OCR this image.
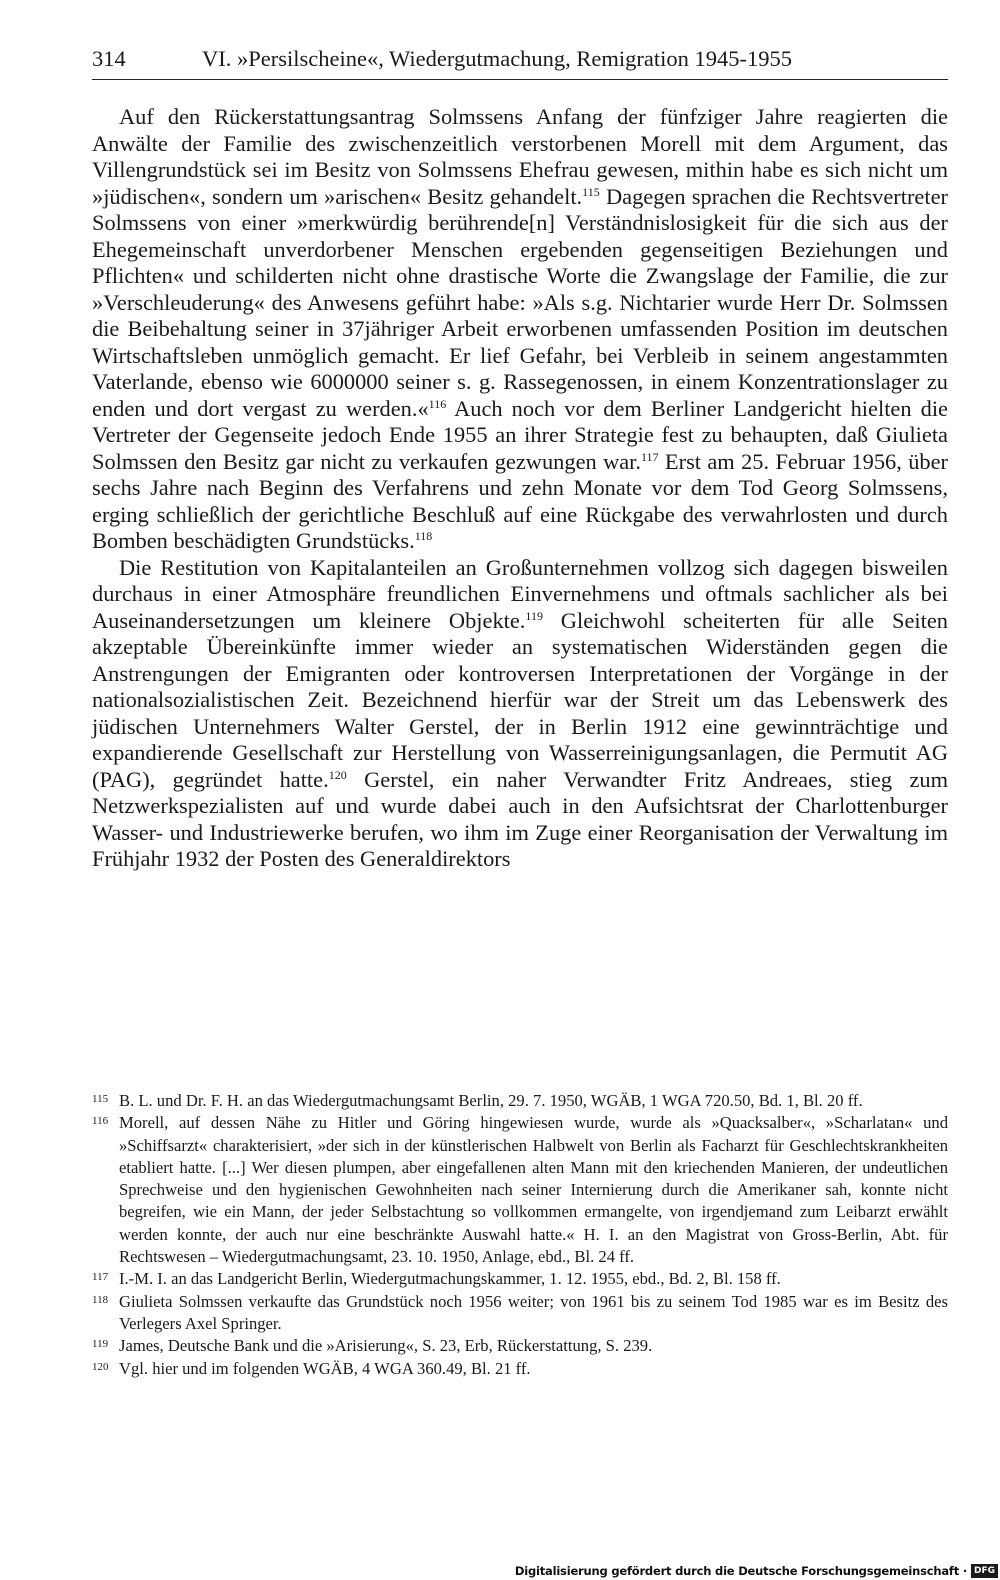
314	VI. »Persilscheine«, Wiedergutmachung, Remigration 1945-1955

Auf den Rückerstattungsantrag Solmssens Anfang der fünfziger Jahre reagierten die Anwälte der Familie des zwischenzeitlich verstorbenen Morell mit dem Argument, das Villengrundstück sei im Besitz von Solmssens Ehefrau gewesen, mithin habe es sich nicht um »jüdischen«, sondern um »arischen« Besitz gehandelt.$^{115}$ Dagegen sprachen die Rechtsvertreter Solmssens von einer »merkwürdig berührende[n] Verständnislosigkeit für die sich aus der Ehegemeinschaft unverdorbener Menschen ergebenden gegenseitigen Beziehungen und Pflichten« und schilderten nicht ohne drastische Worte die Zwangslage der Familie, die zur »Verschleuderung« des Anwesens geführt habe: »Als s.g. Nichtarier wurde Herr Dr. Solmssen die Beibehaltung seiner in 37jähriger Arbeit erworbenen umfassenden Position im deutschen Wirtschaftsleben unmöglich gemacht. Er lief Gefahr, bei Verbleib in seinem angestammten Vaterlande, ebenso wie 6000000 seiner s. g. Rassegenossen, in einem Konzentrationslager zu enden und dort vergast zu werden.«$^{116}$ Auch noch vor dem Berliner Landgericht hielten die Vertreter der Gegenseite jedoch Ende 1955 an ihrer Strategie fest zu behaupten, daß Giulieta Solmssen den Besitz gar nicht zu verkaufen gezwungen war.$^{117}$ Erst am 25. Februar 1956, über sechs Jahre nach Beginn des Verfahrens und zehn Monate vor dem Tod Georg Solmssens, erging schließlich der gerichtliche Beschluß auf eine Rückgabe des verwahrlosten und durch Bomben beschädigten Grundstücks.$^{118}$

Die Restitution von Kapitalanteilen an Großunternehmen vollzog sich dagegen bisweilen durchaus in einer Atmosphäre freundlichen Einvernehmens und oftmals sachlicher als bei Auseinandersetzungen um kleinere Objekte.$^{119}$ Gleichwohl scheiterten für alle Seiten akzeptable Übereinkünfte immer wieder an systematischen Widerständen gegen die Anstrengungen der Emigranten oder kontroversen Interpretationen der Vorgänge in der nationalsozialistischen Zeit. Bezeichnend hierfür war der Streit um das Lebenswerk des jüdischen Unternehmers Walter Gerstel, der in Berlin 1912 eine gewinnträchtige und expandierende Gesellschaft zur Herstellung von Wasserreinigungsanlagen, die Permutit AG (PAG), gegründet hatte.$^{120}$ Gerstel, ein naher Verwandter Fritz Andreaes, stieg zum Netzwerkspezialisten auf und wurde dabei auch in den Aufsichtsrat der Charlottenburger Wasser- und Industriewerke berufen, wo ihm im Zuge einer Reorganisation der Verwaltung im Frühjahr 1932 der Posten des Generaldirektors

115 B. L. und Dr. F. H. an das Wiedergutmachungsamt Berlin, 29. 7. 1950, WGÄB, 1 WGA 720.50, Bd. 1, Bl. 20 ff.

116 Morell, auf dessen Nähe zu Hitler und Göring hingewiesen wurde, wurde als »Quacksalber«, »Scharlatan« und »Schiffsarzt« charakterisiert, »der sich in der künstlerischen Halbwelt von Berlin als Facharzt für Geschlechtskrankheiten etabliert hatte. [...] Wer diesen plumpen, aber eingefallenen alten Mann mit den kriechenden Manieren, der undeutlichen Sprechweise und den hygienischen Gewohnheiten nach seiner Internierung durch die Amerikaner sah, konnte nicht begreifen, wie ein Mann, der jeder Selbstachtung so vollkommen ermangelte, von irgendjemand zum Leibarzt erwählt werden konnte, der auch nur eine beschränkte Auswahl hatte.« H. I. an den Magistrat von Gross-Berlin, Abt. für Rechtswesen – Wiedergutmachungsamt, 23. 10. 1950, Anlage, ebd., Bl. 24 ff.

117 I.-M. I. an das Landgericht Berlin, Wiedergutmachungskammer, 1. 12. 1955, ebd., Bd. 2, Bl. 158 ff.

118 Giulieta Solmssen verkaufte das Grundstück noch 1956 weiter; von 1961 bis zu seinem Tod 1985 war es im Besitz des Verlegers Axel Springer.

119 James, Deutsche Bank und die »Arisierung«, S. 23, Erb, Rückerstattung, S. 239.

120 Vgl. hier und im folgenden WGÄB, 4 WGA 360.49, Bl. 21 ff.

Digitalisierung gefördert durch die Deutsche Forschungsgemeinschaft · DFG
